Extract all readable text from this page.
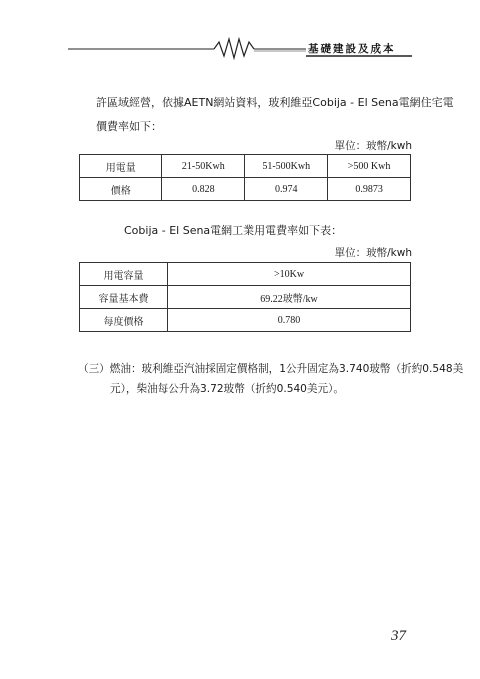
基礎建設及成本
許區域經營，依據AETN網站資料，玻利維亞Cobija - El Sena電網住宅電
價費率如下：
單位：玻幣/kwh
用電量	21-50Kwh	51-500Kwh	>500 Kwh
價格	0.828	0.974	0.9873
Cobija - El Sena電網工業用電費率如下表：
單位：玻幣/kwh
用電容量	>10Kw
容量基本費	69.22玻幣/kw
每度價格	0.780
（三）燃油：玻利維亞汽油採固定價格制，1公升固定為3.740玻幣（折約0.548美
元），柴油每公升為3.72玻幣（折約0.540美元）。
37
